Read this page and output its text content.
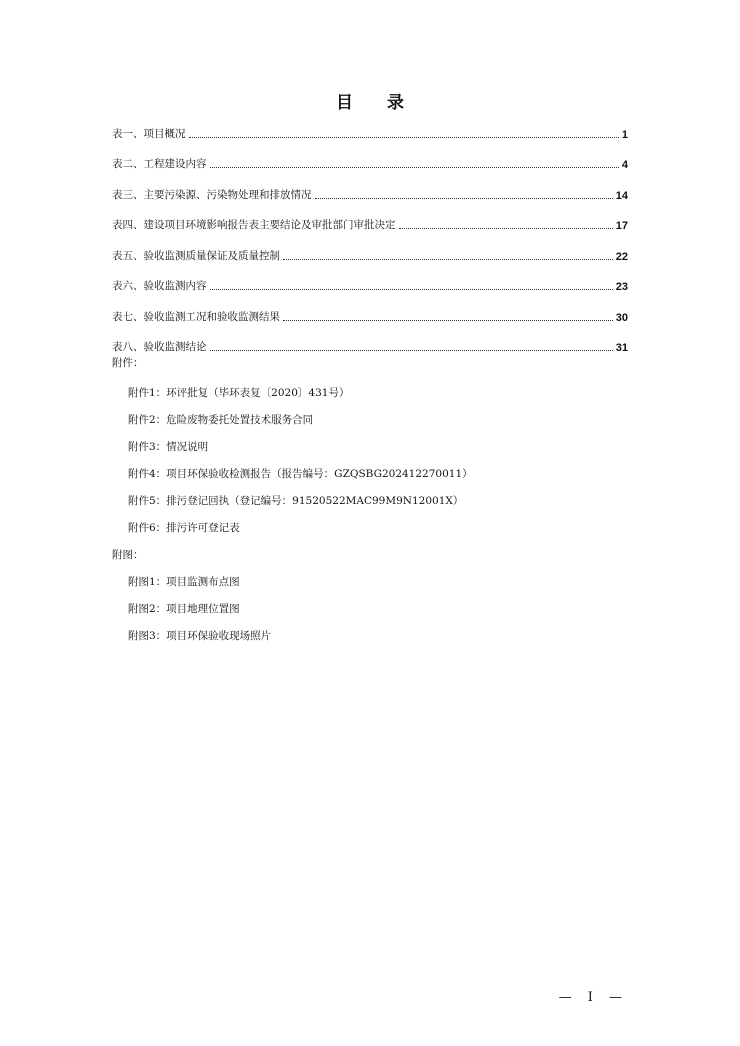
目 录
表一、项目概况	1
表二、工程建设内容	4
表三、主要污染源、污染物处理和排放情况	14
表四、建设项目环境影响报告表主要结论及审批部门审批决定	17
表五、验收监测质量保证及质量控制	22
表六、验收监测内容	23
表七、验收监测工况和验收监测结果	30
表八、验收监测结论	31
附件：
附件1：环评批复（毕环表复〔2020〕431号）
附件2：危险废物委托处置技术服务合同
附件3：情况说明
附件4：项目环保验收检测报告（报告编号：GZQSBG202412270011）
附件5：排污登记回执（登记编号：91520522MAC99M9N12001X）
附件6：排污许可登记表
附图：
附图1：项目监测布点图
附图2：项目地理位置图
附图3：项目环保验收现场照片
— I —
